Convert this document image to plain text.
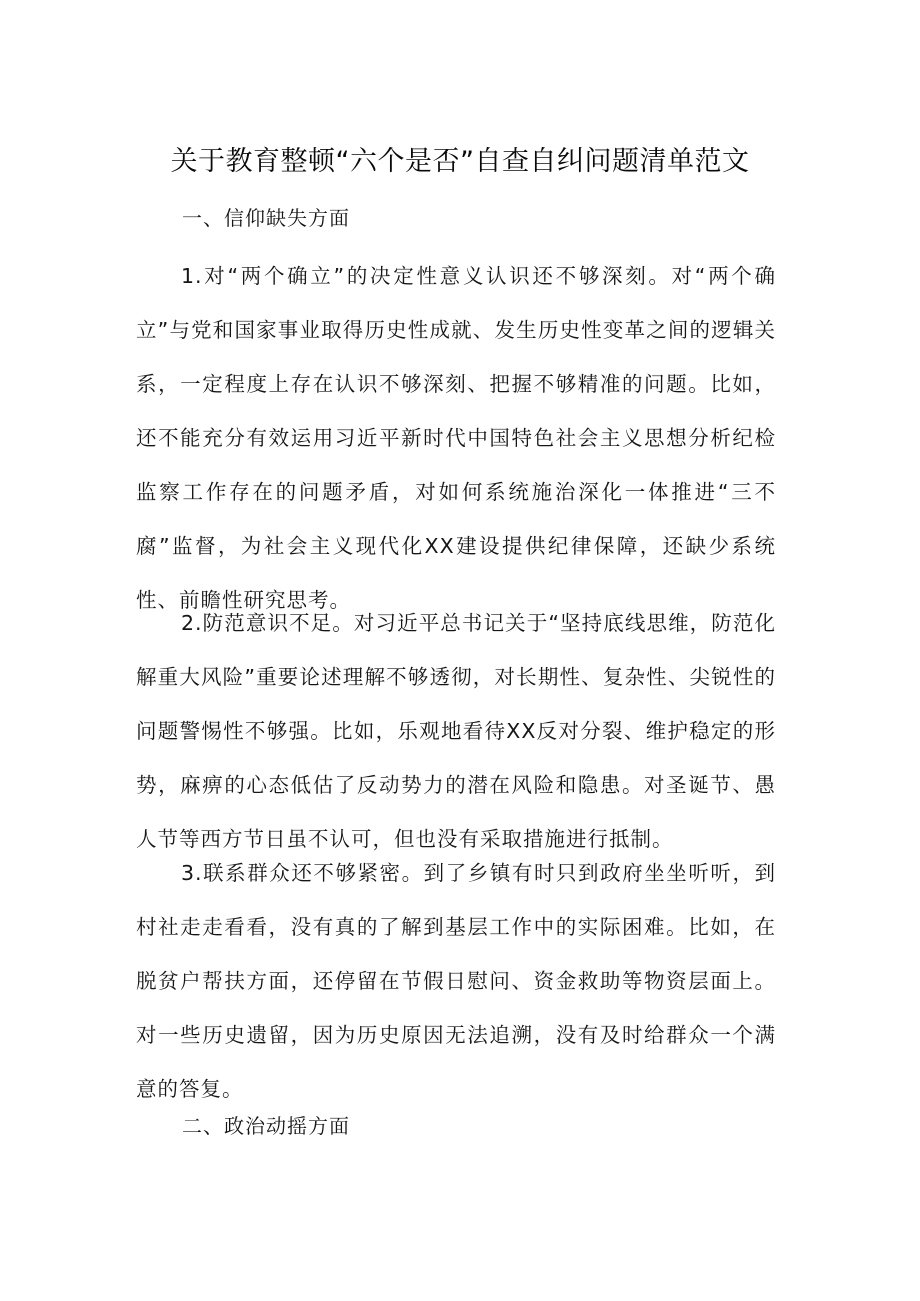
关于教育整顿“六个是否”自查自纠问题清单范文
一、信仰缺失方面

1.对“两个确立”的决定性意义认识还不够深刻。对“两个确立”与党和国家事业取得历史性成就、发生历史性变革之间的逻辑关系，一定程度上存在认识不够深刻、把握不够精准的问题。比如，还不能充分有效运用习近平新时代中国特色社会主义思想分析纪检监察工作存在的问题矛盾，对如何系统施治深化一体推进“三不腐”监督，为社会主义现代化XX建设提供纪律保障，还缺少系统性、前瞻性研究思考。

2.防范意识不足。对习近平总书记关于“坚持底线思维，防范化解重大风险”重要论述理解不够透彻，对长期性、复杂性、尖锐性的问题警惕性不够强。比如，乐观地看待XX反对分裂、维护稳定的形势，麻痹的心态低估了反动势力的潜在风险和隐患。对圣诞节、愚人节等西方节日虽不认可，但也没有采取措施进行抵制。

3.联系群众还不够紧密。到了乡镇有时只到政府坐坐听听，到村社走走看看，没有真的了解到基层工作中的实际困难。比如，在脱贫户帮扶方面，还停留在节假日慰问、资金救助等物资层面上。对一些历史遗留，因为历史原因无法追溯，没有及时给群众一个满意的答复。

二、政治动摇方面
